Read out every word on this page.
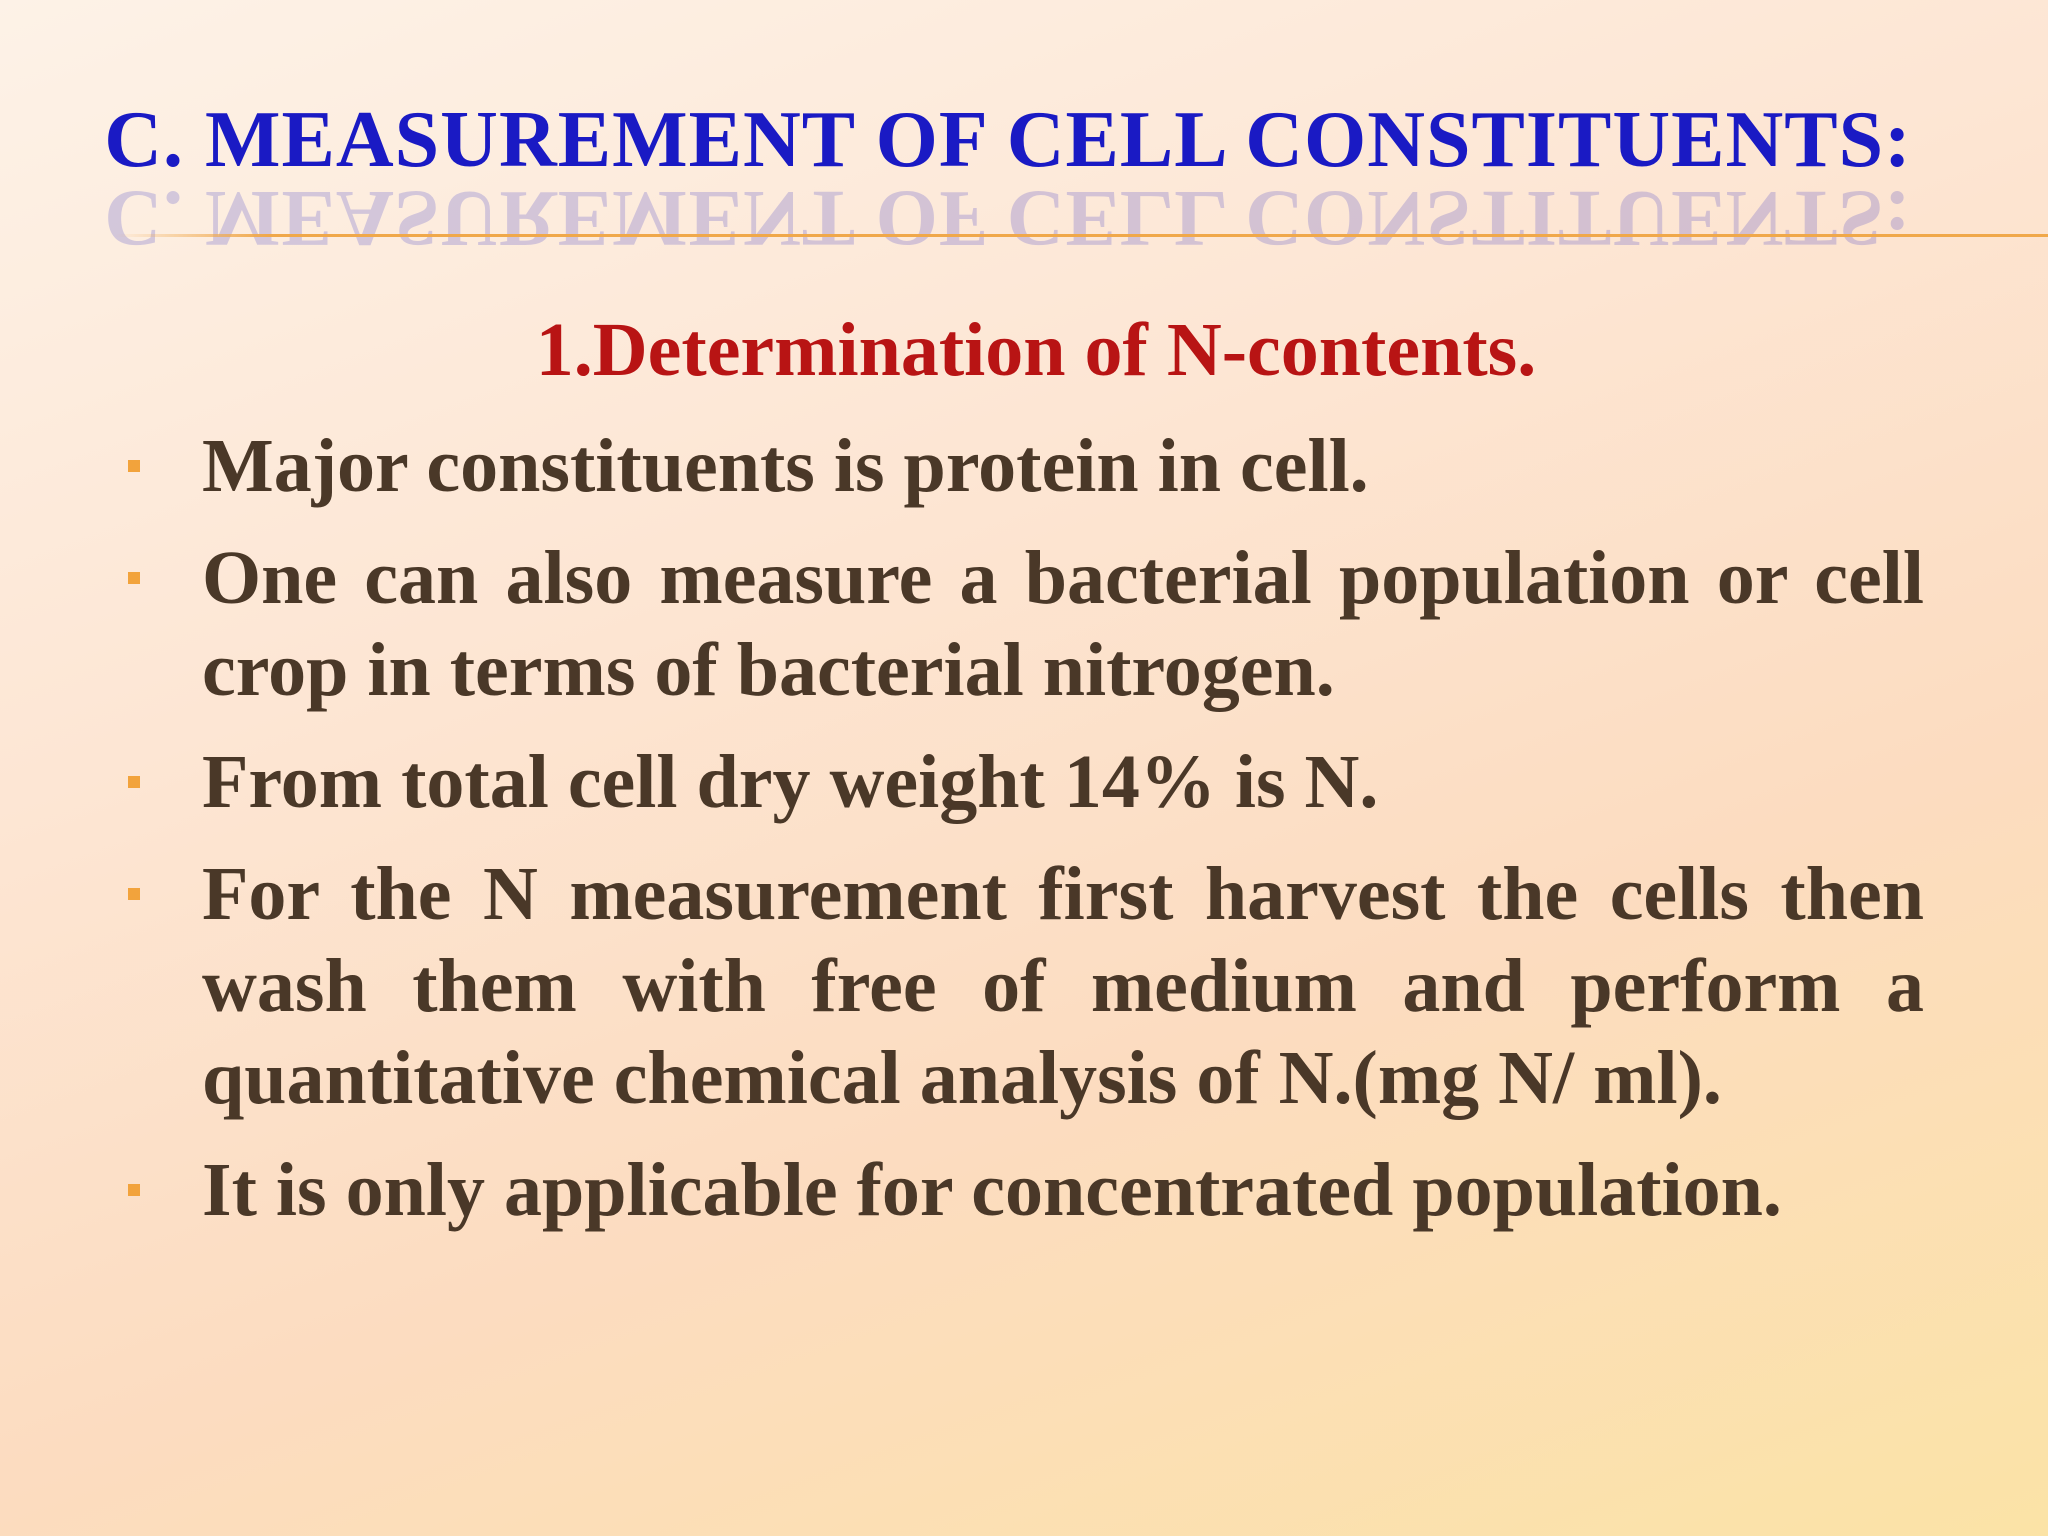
C. MEASUREMENT OF CELL CONSTITUENTS:
C. MEASUREMENT OF CELL CONSTITUENTS:
1.Determination of N-contents.
Major constituents is protein in cell.
One can also measure a bacterial population or cell crop in terms of bacterial nitrogen.
From total cell dry weight 14% is N.
For the N measurement first harvest the cells then wash them with free of medium and perform a quantitative chemical analysis of N.(mg N/ ml).
It is only applicable for concentrated population.
